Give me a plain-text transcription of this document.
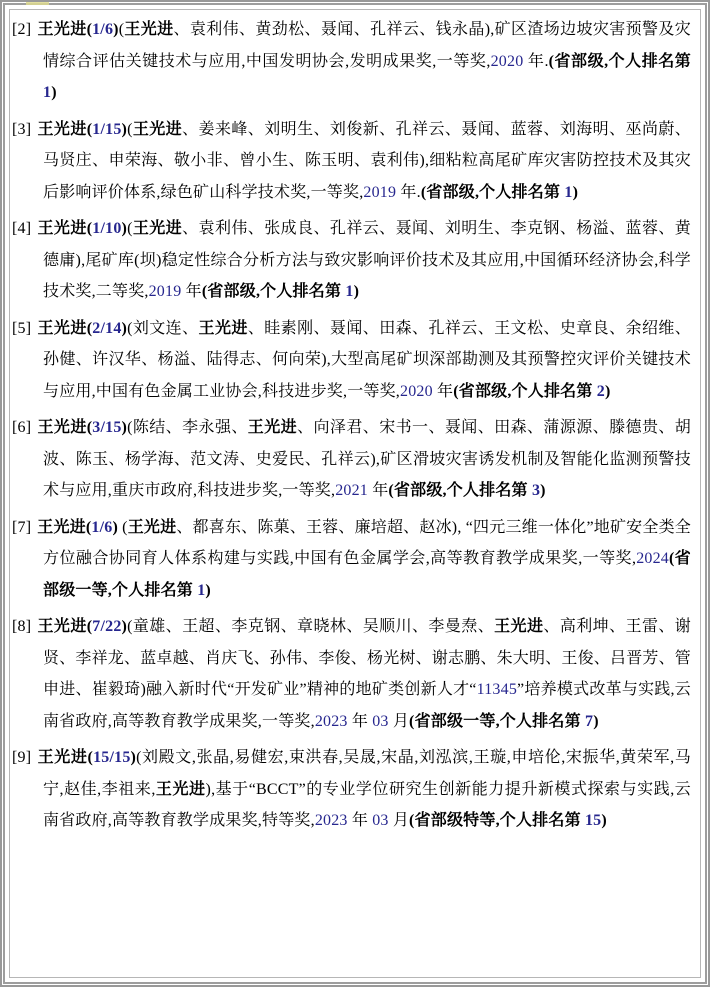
[2] 王光进(1/6)(王光进、袁利伟、黄劲松、聂闻、孔祥云、钱永晶),矿区渣场边坡灾害预警及灾情综合评估关键技术与应用,中国发明协会,发明成果奖,一等奖,2020 年.(省部级,个人排名第 1)
[3] 王光进(1/15)(王光进、姜来峰、刘明生、刘俊新、孔祥云、聂闻、蓝蓉、刘海明、巫尚蔚、马贤庄、申荣海、敬小非、曾小生、陈玉明、袁利伟),细粘粒高尾矿库灾害防控技术及其灾后影响评价体系,绿色矿山科学技术奖,一等奖,2019 年.(省部级,个人排名第 1)
[4] 王光进(1/10)(王光进、袁利伟、张成良、孔祥云、聂闻、刘明生、李克钢、杨溢、蓝蓉、黄德庸),尾矿库(坝)稳定性综合分析方法与致灾影响评价技术及其应用,中国循环经济协会,科学技术奖,二等奖,2019 年(省部级,个人排名第 1)
[5] 王光进(2/14)(刘文连、王光进、眭素刚、聂闻、田森、孔祥云、王文松、史章良、余绍维、孙健、许汉华、杨溢、陆得志、何向荣),大型高尾矿坝深部勘测及其预警控灾评价关键技术与应用,中国有色金属工业协会,科技进步奖,一等奖,2020 年(省部级,个人排名第 2)
[6] 王光进(3/15)(陈结、李永强、王光进、向泽君、宋书一、聂闻、田森、蒲源源、滕德贵、胡波、陈玉、杨学海、范文涛、史爱民、孔祥云),矿区滑坡灾害诱发机制及智能化监测预警技术与应用,重庆市政府,科技进步奖,一等奖,2021 年(省部级,个人排名第 3)
[7] 王光进(1/6) (王光进、都喜东、陈菓、王蓉、廉培超、赵冰), “四元三维一体化”地矿安全类全方位融合协同育人体系构建与实践,中国有色金属学会,高等教育教学成果奖,一等奖,2024(省部级一等,个人排名第 1)
[8] 王光进(7/22)(童雄、王超、李克钢、章晓林、吴顺川、李曼焘、王光进、高利坤、王雷、谢贤、李祥龙、蓝卓越、肖庆飞、孙伟、李俊、杨光树、谢志鹏、朱大明、王俊、吕晋芳、管申进、崔毅琦)融入新时代“开发矿业”精神的地矿类创新人才“11345”培养模式改革与实践,云南省政府,高等教育教学成果奖,一等奖,2023 年 03 月(省部级一等,个人排名第 7)
[9] 王光进(15/15)(刘殿文,张晶,易健宏,束洪春,吴晟,宋晶,刘泓滨,王璇,申培伦,宋振华,黄荣军,马宁,赵佳,李祖来,王光进),基于“BCCT”的专业学位研究生创新能力提升新模式探索与实践,云南省政府,高等教育教学成果奖,特等奖,2023 年 03 月(省部级特等,个人排名第 15)
